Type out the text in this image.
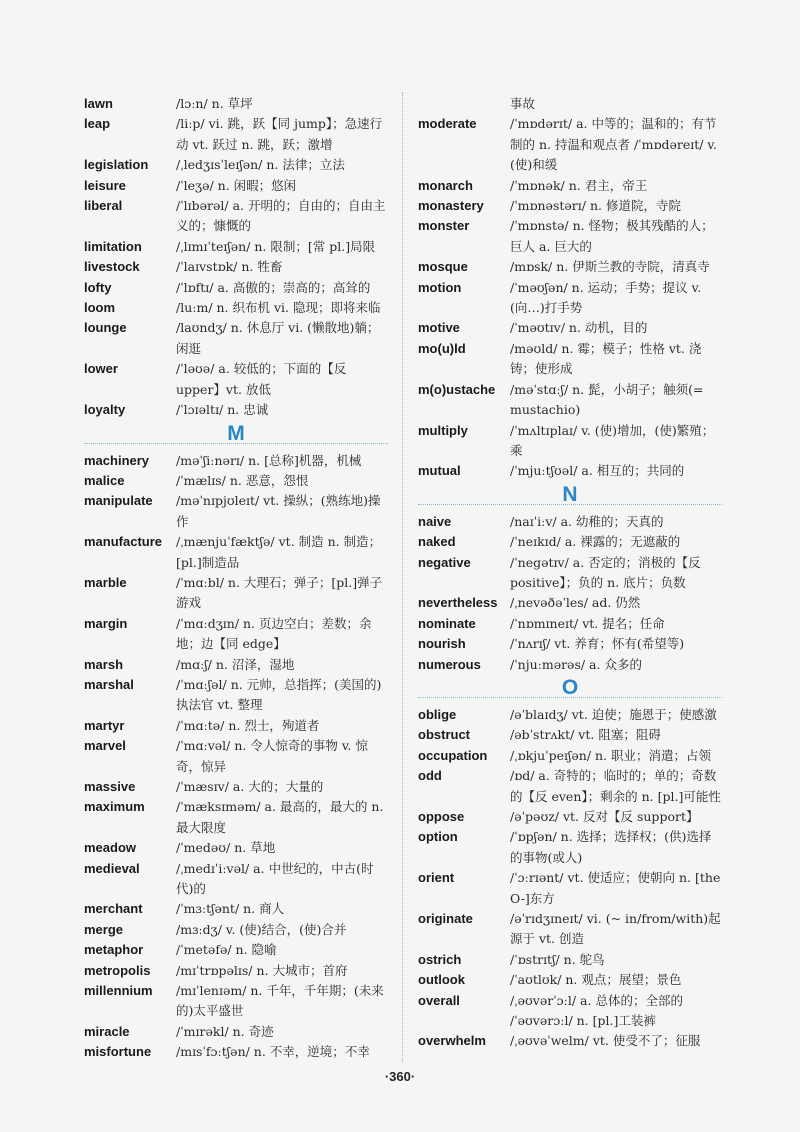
lawn	/lɔːn/ n. 草坪
leap	/liːp/ vi. 跳，跃【同 jump】；急速行动 vt. 跃过 n. 跳，跃；激增
legislation	/ˌledʒɪsˈleɪʃən/ n. 法律；立法
leisure	/ˈleʒə/ n. 闲暇；悠闲
liberal	/ˈlɪbərəl/ a. 开明的；自由的；自由主义的；慷慨的
limitation	/ˌlɪmɪˈteɪʃən/ n. 限制；[常 pl.]局限
livestock	/ˈlaɪvstɒk/ n. 牲畜
lofty	/ˈlɒftɪ/ a. 高傲的；崇高的；高耸的
loom	/luːm/ n. 织布机 vi. 隐现；即将来临
lounge	/laʊndʒ/ n. 休息厅 vi. (懒散地)躺；闲逛
lower	/ˈləʊə/ a. 较低的；下面的【反 upper】vt. 放低
loyalty	/ˈlɔɪəltɪ/ n. 忠诚
M
machinery	/məˈʃiːnərɪ/ n. [总称]机器，机械
malice	/ˈmælɪs/ n. 恶意，怨恨
manipulate	/məˈnɪpjʊleɪt/ vt. 操纵；(熟练地)操作
manufacture	/ˌmænjuˈfæktʃə/ vt. 制造 n. 制造；[pl.]制造品
marble	/ˈmɑːbl/ n. 大理石；弹子；[pl.]弹子游戏
margin	/ˈmɑːdʒɪn/ n. 页边空白；差数；余地；边【同 edge】
marsh	/mɑːʃ/ n. 沼泽，湿地
marshal	/ˈmɑːʃəl/ n. 元帅，总指挥；(美国的)执法官 vt. 整理
martyr	/ˈmɑːtə/ n. 烈士，殉道者
marvel	/ˈmɑːvəl/ n. 令人惊奇的事物 v. 惊奇，惊异
massive	/ˈmæsɪv/ a. 大的；大量的
maximum	/ˈmæksɪməm/ a. 最高的，最大的 n. 最大限度
meadow	/ˈmedəʊ/ n. 草地
medieval	/ˌmedɪˈiːvəl/ a. 中世纪的，中古(时代)的
merchant	/ˈmɜːtʃənt/ n. 商人
merge	/mɜːdʒ/ v. (使)结合，(使)合并
metaphor	/ˈmetəfə/ n. 隐喻
metropolis	/mɪˈtrɒpəlɪs/ n. 大城市；首府
millennium	/mɪˈlenɪəm/ n. 千年，千年期；(未来的)太平盛世
miracle	/ˈmɪrəkl/ n. 奇迹
misfortune	/mɪsˈfɔːtʃən/ n. 不幸，逆境；不幸
事故
moderate	/ˈmɒdərɪt/ a. 中等的；温和的；有节制的 n. 持温和观点者 /ˈmɒdəreɪt/ v. (使)和缓
monarch	/ˈmɒnək/ n. 君主，帝王
monastery	/ˈmɒnəstərɪ/ n. 修道院，寺院
monster	/ˈmɒnstə/ n. 怪物；极其残酷的人；巨人 a. 巨大的
mosque	/mɒsk/ n. 伊斯兰教的寺院，清真寺
motion	/ˈməʊʃən/ n. 运动；手势；提议 v. (向…)打手势
motive	/ˈməʊtɪv/ n. 动机，目的
mo(u)ld	/məʊld/ n. 霉；模子；性格 vt. 浇铸；使形成
m(o)ustache	/məˈstɑːʃ/ n. 髭，小胡子；触须(= mustachio)
multiply	/ˈmʌltɪplaɪ/ v. (使)增加，(使)繁殖；乘
mutual	/ˈmjuːtʃʊəl/ a. 相互的；共同的
N
naive	/naɪˈiːv/ a. 幼稚的；天真的
naked	/ˈneɪkɪd/ a. 裸露的；无遮蔽的
negative	/ˈnegətɪv/ a. 否定的；消极的【反 positive】；负的 n. 底片；负数
nevertheless	/ˌnevəðəˈles/ ad. 仍然
nominate	/ˈnɒmɪneɪt/ vt. 提名；任命
nourish	/ˈnʌrɪʃ/ vt. 养育；怀有(希望等)
numerous	/ˈnjuːmərəs/ a. 众多的
O
oblige	/əˈblaɪdʒ/ vt. 迫使；施恩于；使感激
obstruct	/əbˈstrʌkt/ vt. 阻塞；阻碍
occupation	/ˌɒkjuˈpeɪʃən/ n. 职业；消遣；占领
odd	/ɒd/ a. 奇特的；临时的；单的；奇数的【反 even】；剩余的 n. [pl.]可能性
oppose	/əˈpəʊz/ vt. 反对【反 support】
option	/ˈɒpʃən/ n. 选择；选择权；(供)选择的事物(或人)
orient	/ˈɔːrɪənt/ vt. 使适应；使朝向 n. [the O-]东方
originate	/əˈrɪdʒɪneɪt/ vi. (~ in/from/with)起源于 vt. 创造
ostrich	/ˈɒstrɪtʃ/ n. 鸵鸟
outlook	/ˈaʊtlʊk/ n. 观点；展望；景色
overall	/ˌəʊvərˈɔːl/ a. 总体的；全部的
/ˈəʊvərɔːl/ n. [pl.]工装裤
overwhelm	/ˌəʊvəˈwelm/ vt. 使受不了；征服
·360·
